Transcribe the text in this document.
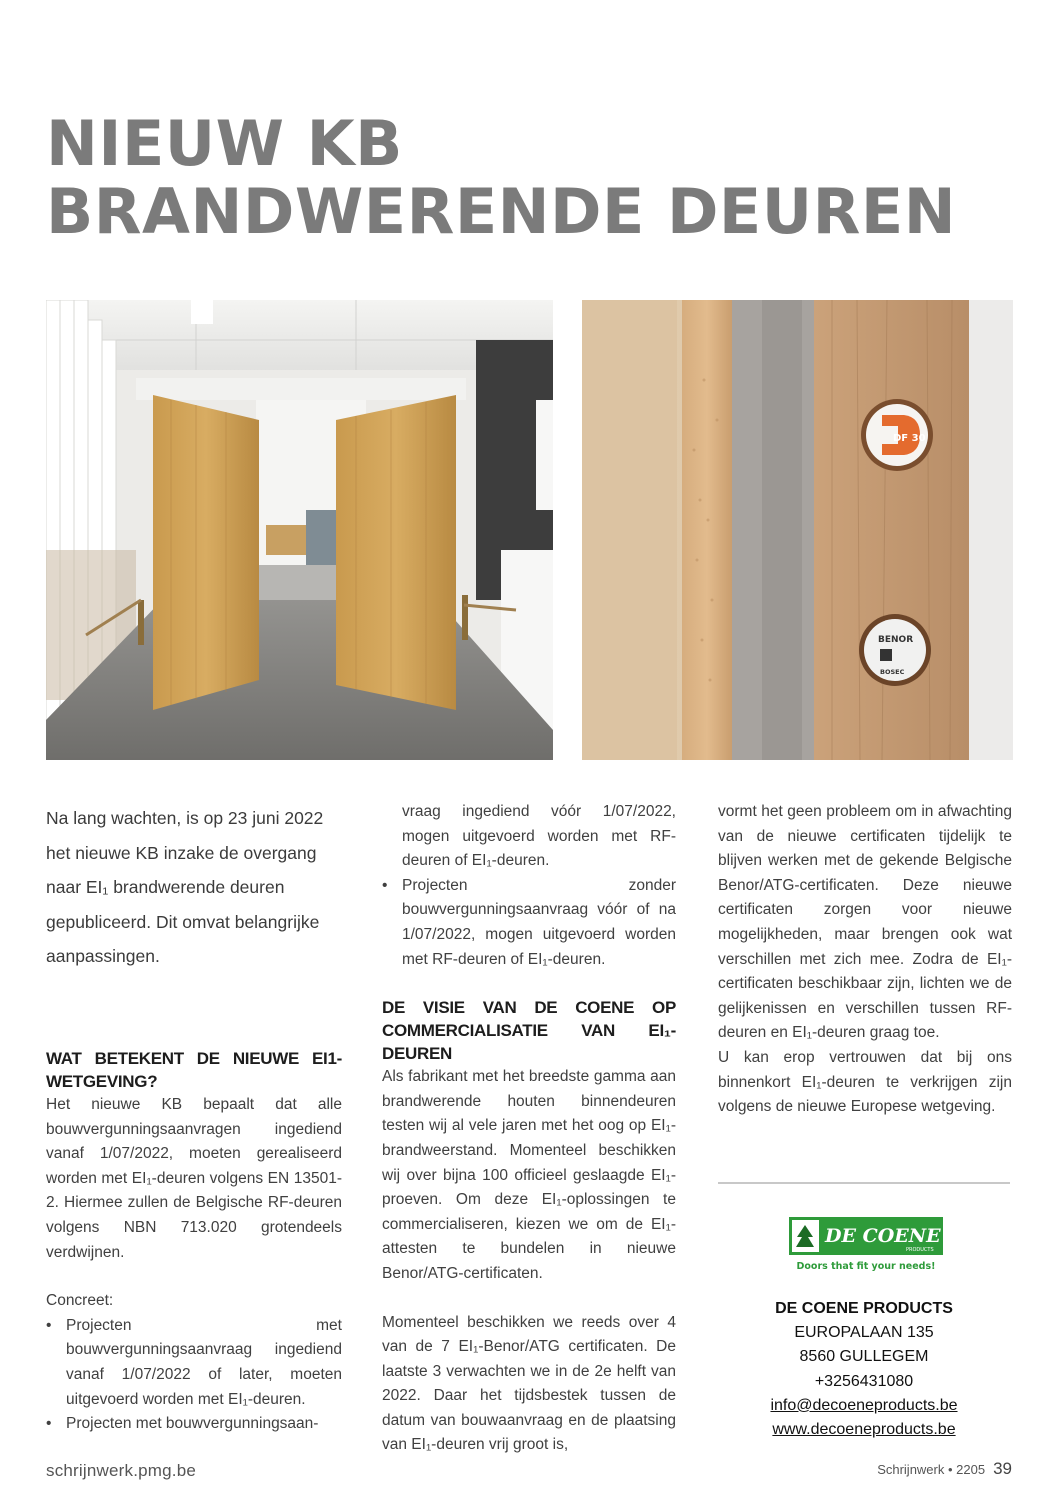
NIEUW KB
BRANDWERENDE DEUREN
DF 30
BENOR
BOSEC

Na lang wachten, is op 23 juni 2022 het nieuwe KB inzake de overgang naar EI₁ brandwerende deuren gepubliceerd. Dit omvat belangrijke aanpassingen.

WAT BETEKENT DE NIEUWE EI1-WETGEVING?

Het nieuwe KB bepaalt dat alle bouwvergunningsaanvragen ingediend vanaf 1/07/2022, moeten gerealiseerd worden met EI₁-deuren volgens EN 13501-2. Hiermee zullen de Belgische RF-deuren volgens NBN 713.020 grotendeels verdwijnen.

Concreet:

• Projecten met bouwvergunningsaanvraag ingediend vanaf 1/07/2022 of later, moeten uitgevoerd worden met EI₁-deuren.
• Projecten met bouwvergunningsaan-
vraag ingediend vóór 1/07/2022, mogen uitgevoerd worden met RF-deuren of EI₁-deuren.
• Projecten zonder bouwvergunningsaanvraag vóór of na 1/07/2022, mogen uitgevoerd worden met RF-deuren of EI₁-deuren.
DE VISIE VAN DE COENE OP COMMERCIALISATIE VAN EI₁-DEUREN

Als fabrikant met het breedste gamma aan brandwerende houten binnendeuren testen wij al vele jaren met het oog op EI₁-brandweerstand. Momenteel beschikken wij over bijna 100 officieel geslaagde EI₁-proeven. Om deze EI₁-oplossingen te commercialiseren, kiezen we om de EI₁-attesten te bundelen in nieuwe Benor/ATG-certificaten.

Momenteel beschikken we reeds over 4 van de 7 EI₁-Benor/ATG certificaten. De laatste 3 verwachten we in de 2e helft van 2022. Daar het tijdsbestek tussen de datum van bouwaanvraag en de plaatsing van EI₁-deuren vrij groot is,

vormt het geen probleem om in afwachting van de nieuwe certificaten tijdelijk te blijven werken met de gekende Belgische Benor/ATG-certificaten. Deze nieuwe certificaten zorgen voor nieuwe mogelijkheden, maar brengen ook wat verschillen met zich mee. Zodra de EI₁-certificaten beschikbaar zijn, lichten we de gelijkenissen en verschillen tussen RF-deuren en EI₁-deuren graag toe.

U kan erop vertrouwen dat bij ons binnenkort EI₁-deuren te verkrijgen zijn volgens de nieuwe Europese wetgeving.

DE COENE
PRODUCTS
Doors that fit your needs!
DE COENE PRODUCTS
EUROPALAAN 135
8560 GULLEGEM
+3256431080
info@decoeneproducts.be
www.decoeneproducts.be
schrijnwerk.pmg.be	Schrijnwerk • 2205 39
